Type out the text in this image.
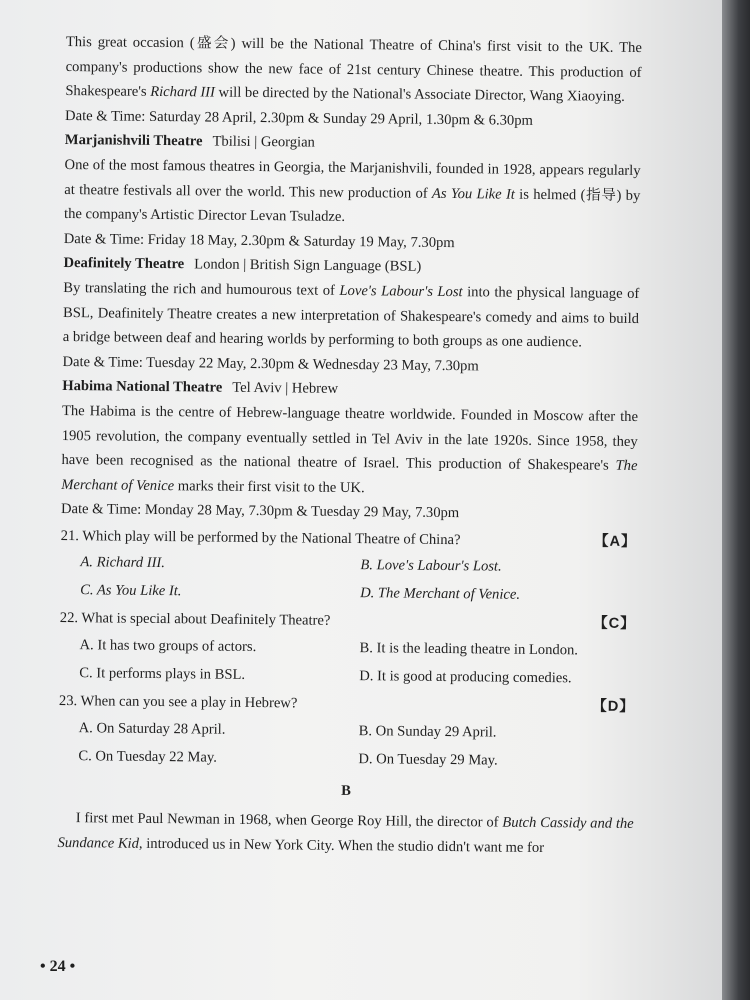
This great occasion (盛会) will be the National Theatre of China's first visit to the UK. The company's productions show the new face of 21st century Chinese theatre. This production of Shakespeare's Richard III will be directed by the National's Associate Director, Wang Xiaoying.

Date & Time: Saturday 28 April, 2.30pm & Sunday 29 April, 1.30pm & 6.30pm

Marjanishvili Theatre Tbilisi | Georgian

One of the most famous theatres in Georgia, the Marjanishvili, founded in 1928, appears regularly at theatre festivals all over the world. This new production of As You Like It is helmed (指导) by the company's Artistic Director Levan Tsuladze.

Date & Time: Friday 18 May, 2.30pm & Saturday 19 May, 7.30pm

Deafinitely Theatre London | British Sign Language (BSL)

By translating the rich and humourous text of Love's Labour's Lost into the physical language of BSL, Deafinitely Theatre creates a new interpretation of Shakespeare's comedy and aims to build a bridge between deaf and hearing worlds by performing to both groups as one audience.

Date & Time: Tuesday 22 May, 2.30pm & Wednesday 23 May, 7.30pm

Habima National Theatre Tel Aviv | Hebrew

The Habima is the centre of Hebrew-language theatre worldwide. Founded in Moscow after the 1905 revolution, the company eventually settled in Tel Aviv in the late 1920s. Since 1958, they have been recognised as the national theatre of Israel. This production of Shakespeare's The Merchant of Venice marks their first visit to the UK.

Date & Time: Monday 28 May, 7.30pm & Tuesday 29 May, 7.30pm

21. Which play will be performed by the National Theatre of China?	【A】
A. Richard III.	B. Love's Labour's Lost.
C. As You Like It.	D. The Merchant of Venice.
22. What is special about Deafinitely Theatre?	【C】
A. It has two groups of actors.	B. It is the leading theatre in London.
C. It performs plays in BSL.	D. It is good at producing comedies.
23. When can you see a play in Hebrew?	【D】
A. On Saturday 28 April.	B. On Sunday 29 April.
C. On Tuesday 22 May.	D. On Tuesday 29 May.
B

I first met Paul Newman in 1968, when George Roy Hill, the director of Butch Cassidy and the Sundance Kid, introduced us in New York City. When the studio didn't want me for

• 24 •
